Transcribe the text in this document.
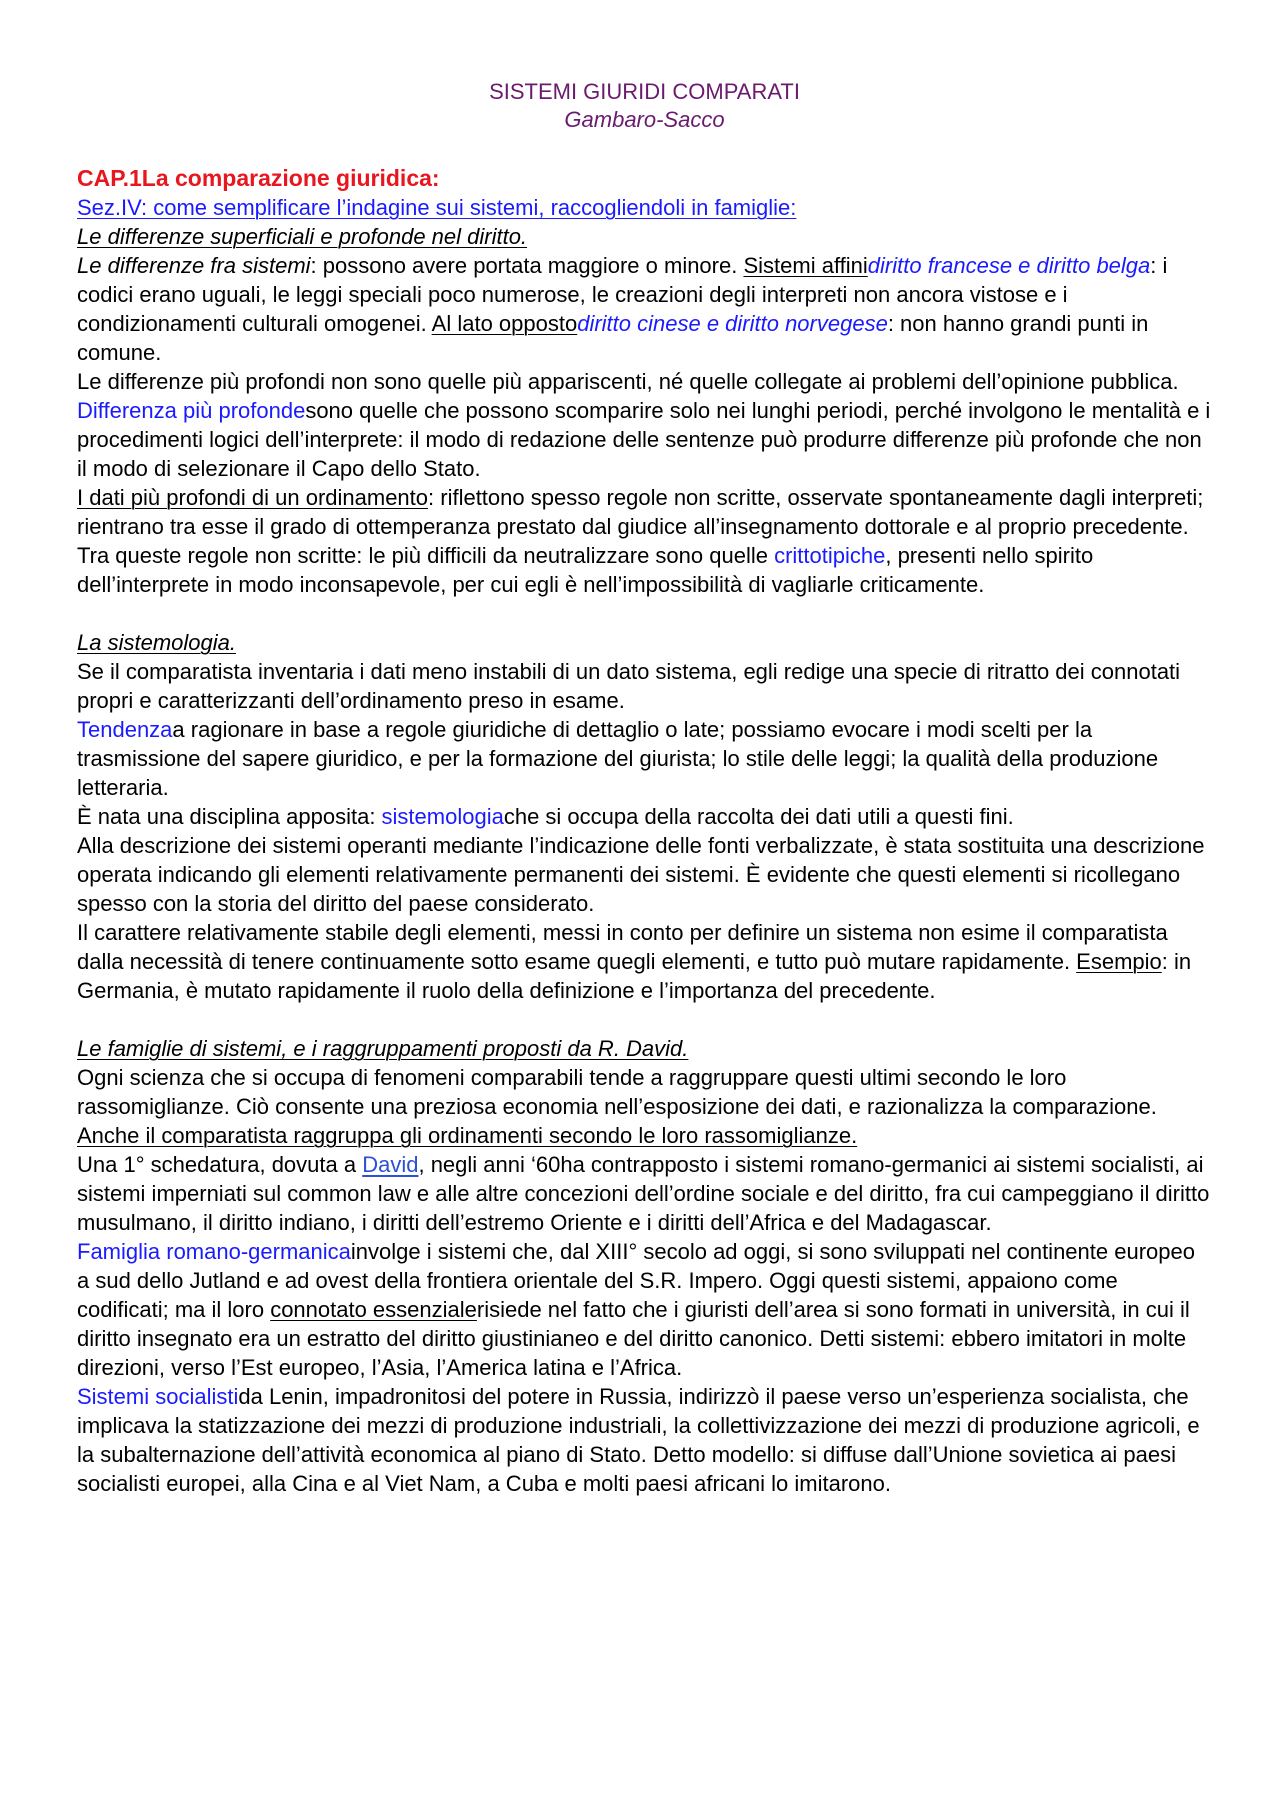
SISTEMI GIURIDI COMPARATI
Gambaro-Sacco
CAP.1La comparazione giuridica:

Sez.IV: come semplificare l’indagine sui sistemi, raccogliendoli in famiglie:

Le differenze superficiali e profonde nel diritto.

Le differenze fra sistemi: possono avere portata maggiore o minore. Sistemi affinidiritto francese e diritto belga: i codici erano uguali, le leggi speciali poco numerose, le creazioni degli interpreti non ancora vistose e i condizionamenti culturali omogenei. Al lato oppostodiritto cinese e diritto norvegese: non hanno grandi punti in comune.

Le differenze più profondi non sono quelle più appariscenti, né quelle collegate ai problemi dell’opinione pubblica. Differenza più profondesono quelle che possono scomparire solo nei lunghi periodi, perché involgono le mentalità e i procedimenti logici dell’interprete: il modo di redazione delle sentenze può produrre differenze più profonde che non il modo di selezionare il Capo dello Stato.

I dati più profondi di un ordinamento: riflettono spesso regole non scritte, osservate spontaneamente dagli interpreti; rientrano tra esse il grado di ottemperanza prestato dal giudice all’insegnamento dottorale e al proprio precedente. Tra queste regole non scritte: le più difficili da neutralizzare sono quelle crittotipiche, presenti nello spirito dell’interprete in modo inconsapevole, per cui egli è nell’impossibilità di vagliarle criticamente.

La sistemologia.

Se il comparatista inventaria i dati meno instabili di un dato sistema, egli redige una specie di ritratto dei connotati propri e caratterizzanti dell’ordinamento preso in esame.

Tendenzaa ragionare in base a regole giuridiche di dettaglio o late; possiamo evocare i modi scelti per la trasmissione del sapere giuridico, e per la formazione del giurista; lo stile delle leggi; la qualità della produzione letteraria.

È nata una disciplina apposita: sistemologiache si occupa della raccolta dei dati utili a questi fini.

Alla descrizione dei sistemi operanti mediante l’indicazione delle fonti verbalizzate, è stata sostituita una descrizione operata indicando gli elementi relativamente permanenti dei sistemi. È evidente che questi elementi si ricollegano spesso con la storia del diritto del paese considerato.

Il carattere relativamente stabile degli elementi, messi in conto per definire un sistema non esime il comparatista dalla necessità di tenere continuamente sotto esame quegli elementi, e tutto può mutare rapidamente. Esempio: in Germania, è mutato rapidamente il ruolo della definizione e l’importanza del precedente.

Le famiglie di sistemi, e i raggruppamenti proposti da R. David.

Ogni scienza che si occupa di fenomeni comparabili tende a raggruppare questi ultimi secondo le loro rassomiglianze. Ciò consente una preziosa economia nell’esposizione dei dati, e razionalizza la comparazione.

Anche il comparatista raggruppa gli ordinamenti secondo le loro rassomiglianze.

Una 1° schedatura, dovuta a David, negli anni ‘60ha contrapposto i sistemi romano-germanici ai sistemi socialisti, ai sistemi imperniati sul common law e alle altre concezioni dell’ordine sociale e del diritto, fra cui campeggiano il diritto musulmano, il diritto indiano, i diritti dell’estremo Oriente e i diritti dell’Africa e del Madagascar.

Famiglia romano-germanicainvolge i sistemi che, dal XIII° secolo ad oggi, si sono sviluppati nel continente europeo a sud dello Jutland e ad ovest della frontiera orientale del S.R. Impero. Oggi questi sistemi, appaiono come codificati; ma il loro connotato essenzialerisiede nel fatto che i giuristi dell’area si sono formati in università, in cui il diritto insegnato era un estratto del diritto giustinianeo e del diritto canonico. Detti sistemi: ebbero imitatori in molte direzioni, verso l’Est europeo, l’Asia, l’America latina e l’Africa.

Sistemi socialistida Lenin, impadronitosi del potere in Russia, indirizzò il paese verso un’esperienza socialista, che implicava la statizzazione dei mezzi di produzione industriali, la collettivizzazione dei mezzi di produzione agricoli, e la subalternazione dell’attività economica al piano di Stato. Detto modello: si diffuse dall’Unione sovietica ai paesi socialisti europei, alla Cina e al Viet Nam, a Cuba e molti paesi africani lo imitarono.
